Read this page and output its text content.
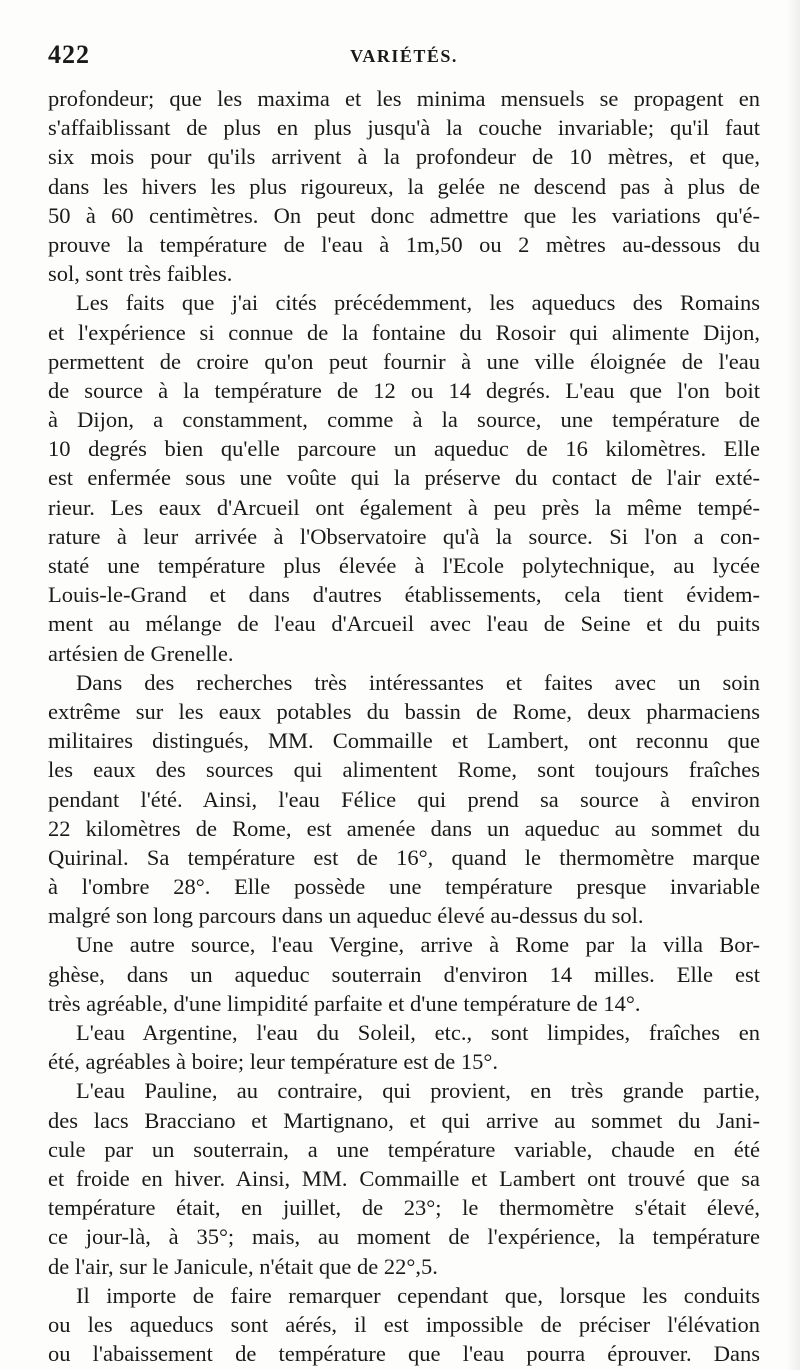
422	VARIÉTÉS.
profondeur; que les maxima et les minima mensuels se propagent en
s'affaiblissant de plus en plus jusqu'à la couche invariable; qu'il faut
six mois pour qu'ils arrivent à la profondeur de 10 mètres, et que,
dans les hivers les plus rigoureux, la gelée ne descend pas à plus de
50 à 60 centimètres. On peut donc admettre que les variations qu'é-
prouve la température de l'eau à 1m,50 ou 2 mètres au-dessous du
sol, sont très faibles.
Les faits que j'ai cités précédemment, les aqueducs des Romains
et l'expérience si connue de la fontaine du Rosoir qui alimente Dijon,
permettent de croire qu'on peut fournir à une ville éloignée de l'eau
de source à la température de 12 ou 14 degrés. L'eau que l'on boit
à Dijon, a constamment, comme à la source, une température de
10 degrés bien qu'elle parcoure un aqueduc de 16 kilomètres. Elle
est enfermée sous une voûte qui la préserve du contact de l'air exté-
rieur. Les eaux d'Arcueil ont également à peu près la même tempé-
rature à leur arrivée à l'Observatoire qu'à la source. Si l'on a con-
staté une température plus élevée à l'Ecole polytechnique, au lycée
Louis-le-Grand et dans d'autres établissements, cela tient évidem-
ment au mélange de l'eau d'Arcueil avec l'eau de Seine et du puits
artésien de Grenelle.
Dans des recherches très intéressantes et faites avec un soin
extrême sur les eaux potables du bassin de Rome, deux pharmaciens
militaires distingués, MM. Commaille et Lambert, ont reconnu que
les eaux des sources qui alimentent Rome, sont toujours fraîches
pendant l'été. Ainsi, l'eau Félice qui prend sa source à environ
22 kilomètres de Rome, est amenée dans un aqueduc au sommet du
Quirinal. Sa température est de 16°, quand le thermomètre marque
à l'ombre 28°. Elle possède une température presque invariable
malgré son long parcours dans un aqueduc élevé au-dessus du sol.
Une autre source, l'eau Vergine, arrive à Rome par la villa Bor-
ghèse, dans un aqueduc souterrain d'environ 14 milles. Elle est
très agréable, d'une limpidité parfaite et d'une température de 14°.
L'eau Argentine, l'eau du Soleil, etc., sont limpides, fraîches en
été, agréables à boire; leur température est de 15°.
L'eau Pauline, au contraire, qui provient, en très grande partie,
des lacs Bracciano et Martignano, et qui arrive au sommet du Jani-
cule par un souterrain, a une température variable, chaude en été
et froide en hiver. Ainsi, MM. Commaille et Lambert ont trouvé que sa
température était, en juillet, de 23°; le thermomètre s'était élevé,
ce jour-là, à 35°; mais, au moment de l'expérience, la température
de l'air, sur le Janicule, n'était que de 22°,5.
Il importe de faire remarquer cependant que, lorsque les conduits
ou les aqueducs sont aérés, il est impossible de préciser l'élévation
ou l'abaissement de température que l'eau pourra éprouver. Dans
